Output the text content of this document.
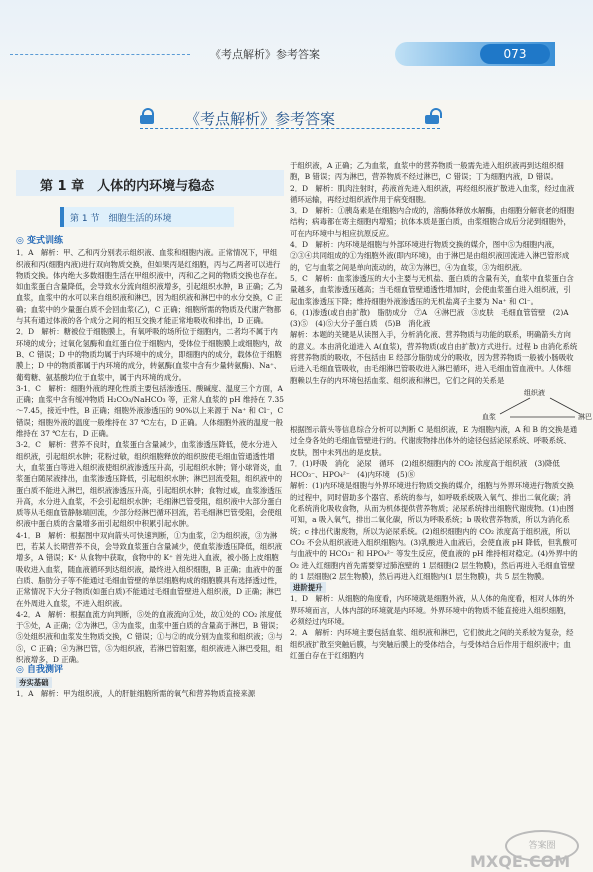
《考点解析》参考答案	073
《考点解析》参考答案
第 1 章　人体的内环境与稳态
第 1 节　细胞生活的环境

◎ 变式训练

1．A　解析：甲、乙和丙分别表示组织液、血浆和细胞内液。正常情况下，甲组织液和丙(细胞内液)进行双向物质交换，但如果丙是红细胞，丙与乙两者可以进行物质交换。体内绝大多数细胞生活在甲组织液中，丙和乙之间的物质交换也存在。如血浆蛋白含量降低，会导致水分流向组织液增多，引起组织水肿，B 正确；乙为血浆，血浆中的水可以来自组织液和淋巴，因为组织液和淋巴中的水分交换，C 正确；血浆中的少量蛋白质不会回血浆(乙)，C 正确；细胞所需的物质及代谢产物都与其有通过体液的各个成分之间的相互交换才能正常地吸收和排出，D 正确。

2．D　解析：糖被位于细胞膜上，有氧呼吸的场所位于细胞内，二者均不属于内环境的成分；过氧化氢酶和血红蛋白位于细胞内，受体位于细胞膜上或细胞内，故 B、C 错误；D 中的物质均属于内环境中的成分，即细胞内的成分，载体位于细胞膜上；D 中的物质都属于内环境的成分，转氨酶(血浆中含有少量转氨酶)、Na⁺、葡萄糖、氨基酸均位于血浆中，属于内环境的成分。

3-1．C　解析：细胞外液的理化性质主要包括渗透压、酸碱度、温度三个方面，A 正确；血浆中含有缓冲物质 H₂CO₃/NaHCO₃ 等，正常人血浆的 pH 维持在 7.35～7.45，接近中性，B 正确；细胞外液渗透压的 90%以上来源于 Na⁺ 和 Cl⁻，C 错误；细胞外液的温度一般维持在 37 ℃左右，D 正确。人体细胞外液的温度一般维持在 37 ℃左右，D 正确。

3-2．C　解析：营养不良时，血浆蛋白含量减少，血浆渗透压降低，使水分进入组织液，引起组织水肿；花粉过敏，组织细胞释放的组织胺使毛细血管通透性增大，血浆蛋白等进入组织液使组织液渗透压升高，引起组织水肿；肾小球肾炎，血浆蛋白随尿液排出，血浆渗透压降低，引起组织水肿；淋巴回流受阻，组织液中的蛋白质不能进入淋巴，组织液渗透压升高，引起组织水肿；食物过咸，血浆渗透压升高，水分进入血浆，不会引起组织水肿；毛细淋巴管受阻，组织液中大部分蛋白质等从毛细血管静脉端回流，少部分经淋巴循环回流，若毛细淋巴管受阻，会使组织液中蛋白质的含量增多而引起组织中积累引起水肿。

4-1．B　解析：根据图中双向箭头可快速判断，①为血浆，②为组织液，③为淋巴，若某人长期营养不良，会导致血浆蛋白含量减少，使血浆渗透压降低，组织液增多，A 错误；K⁺ 从食物中获取，食物中的 K⁺ 首先进入血液，被小肠上皮细胞吸收进入血浆，随血液循环到达组织液，最终进入组织细胞，B 正确；血液中的蛋白质、脂肪分子等不能通过毛细血管壁的单层细胞构成的细胞膜具有选择透过性，正常情况下大分子物质(如蛋白质)不能通过毛细血管壁进入组织液，D 正确；淋巴在外周进入血浆，不进入组织液。

4-2．A　解析：根据血流方向判断，⑤处的血液流向①处，故①处的 CO₂ 浓度低于⑤处，A 正确；②为淋巴，③为血浆，血浆中蛋白质的含量高于淋巴，B 错误；⑤处组织液和血浆发生物质交换，C 错误；①与②的成分别为血浆和组织液；③与⑤，C 正确；④为淋巴管，⑤为组织液，若淋巴管阻塞，组织液进入淋巴受阻，组织液增多，D 正确。

◎ 自我测评

夯实基础

1．A　解析：甲为组织液，人的肝脏细胞所需的氧气和营养物质直接来源

于组织液，A 正确；乙为血浆，血浆中的营养物质一般需先进入组织液再到达组织细胞，B 错误；丙为淋巴，营养物质不经过淋巴，C 错误；丁为细胞内液，D 错误。

2．D　解析：肌肉注射时，药液首先进入组织液，再经组织液扩散进入血浆，经过血液循环运输，再经过组织液作用于病变细胞。

3．D　解析：①胰岛素是在细胞内合成的，溶酶体释放水解酶，由细胞分解衰老的细胞结构；病毒都在寄主细胞内增殖；抗体本质是蛋白质，由浆细胞合成后分泌到细胞外，可在内环境中与相应抗原反应。

4．D　解析：内环境是细胞与外部环境进行物质交换的媒介，图中⑤为细胞内液，②③④共同组成的①为细胞外液(即内环境)，由于淋巴是由组织液回流进入淋巴管形成的，它与血浆之间是单向流动的，故③为淋巴，④为血浆，③为组织液。

5．C　解析：血浆渗透压的大小主要与无机盐、蛋白质的含量有关，血浆中血浆蛋白含量越多，血浆渗透压越高；当毛细血管壁通透性增加时，会使血浆蛋白进入组织液，引起血浆渗透压下降；维持细胞外液渗透压的无机盐离子主要为 Na⁺ 和 Cl⁻。

6．(1)渗透(或自由扩散)　脂肪成分　⑦A　④淋巴液　③皮肤　毛细血管管壁　(2)A　(3)⑤　(4)⑤大分子蛋白质　(5)B　消化液

解析：本题的关键是从读图入手，分析消化液、营养物质与功能的联系，明确箭头方向的意义。本由消化道进入 A(血浆)，营养物质(或自由扩散)方式进行。过程 b 由消化系统将营养物质的吸收，不包括由 E 经部分脂肪成分的吸收，因为营养物质一般被小肠吸收后进入毛细血管吸收，由毛细淋巴管吸收进入淋巴循环，进入毛细血管血液中。人体细胞赖以生存的内环境包括血浆、组织液和淋巴，它们之间的关系是

组织液
血浆	淋巴

根据图示箭头等信息综合分析可以判断 C 是组织液，E 为细胞内液，A 和 B 的交换是通过全身各处的毛细血管壁进行的。代谢废物排出体外的途径包括泌尿系统、呼吸系统、皮肤，图中未列出的是皮肤。

7．(1)呼吸　消化　泌尿　循环　(2)组织细胞内的 CO₂ 浓度高于组织液　(3)降低　HCO₃⁻、HPO₄²⁻　(4)内环境　(5)⑧

解析：(1)内环境是细胞与外界环境进行物质交换的媒介，细胞与外界环境进行物质交换的过程中，同时借助多个器官、系统的参与，如呼吸系统吸入氧气、排出二氧化碳；消化系统消化吸收食物，从而为机体提供营养物质；泌尿系统排出细胞代谢废物。(1)由图可知，a 吸入氧气，排出二氧化碳，所以为呼吸系统；b 吸收营养物质，所以为消化系统；c 排出代谢废物，所以为泌尿系统。(2)组织细胞内的 CO₂ 浓度高于组织液，所以 CO₂ 不会从组织液进入组织细胞内。(3)乳酸进入血液后，会使血液 pH 降低，但乳酸可与血液中的 HCO₃⁻ 和 HPO₄²⁻ 等发生反应，使血液的 pH 维持相对稳定。(4)外界中的 O₂ 进入红细胞内首先需要穿过肺泡壁的 1 层细胞(2 层生物膜)，然后再进入毛细血管壁的 1 层细胞(2 层生物膜)，然后再进入红细胞内(1 层生物膜)，共 5 层生物膜。

进阶提升

1．D　解析：从细胞的角度看，内环境就是细胞外液，从人体的角度看，相对人体的外界环境而言，人体内部的环境就是内环境。外界环境中的物质不能直接进入组织细胞，必须经过内环境。

2．A　解析：内环境主要包括血浆、组织液和淋巴，它们彼此之间的关系较为复杂，经组织液扩散至突触后膜，与突触后膜上的受体结合，与受体结合后作用于组织液中；血红蛋白存在于红细胞内

答案圈
MXQE.COM
